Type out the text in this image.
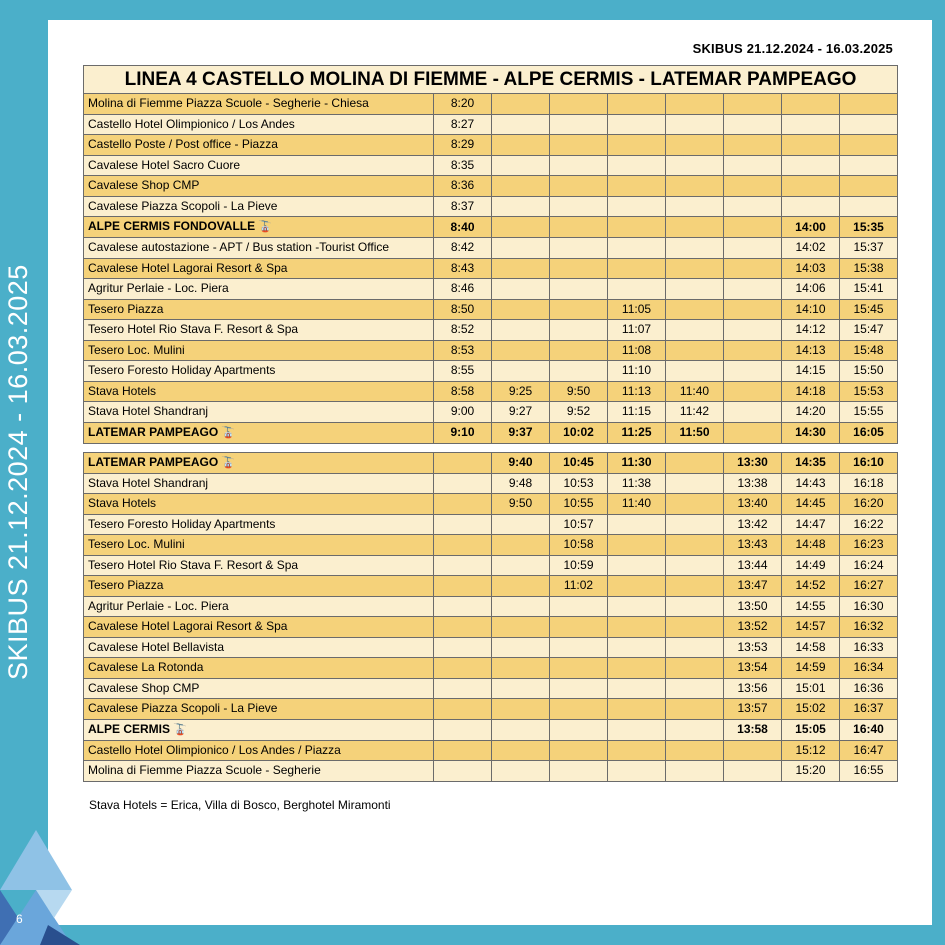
SKIBUS 21.12.2024 - 16.03.2025
6
SKIBUS 21.12.2024 - 16.03.2025
LINEA 4 CASTELLO MOLINA DI FIEMME - ALPE CERMIS - LATEMAR PAMPEAGO								
Molina di Fiemme Piazza Scuole - Segherie - Chiesa	8:20							
Castello Hotel Olimpionico / Los Andes	8:27							
Castello Poste / Post office - Piazza	8:29							
Cavalese Hotel Sacro Cuore	8:35							
Cavalese Shop CMP	8:36							
Cavalese Piazza Scopoli - La Pieve	8:37							
ALPE CERMIS FONDOVALLE 🚡	8:40						14:00	15:35
Cavalese autostazione - APT / Bus station -Tourist Office	8:42						14:02	15:37
Cavalese Hotel Lagorai Resort & Spa	8:43						14:03	15:38
Agritur Perlaie - Loc. Piera	8:46						14:06	15:41
Tesero Piazza	8:50			11:05			14:10	15:45
Tesero Hotel Rio Stava F. Resort & Spa	8:52			11:07			14:12	15:47
Tesero Loc. Mulini	8:53			11:08			14:13	15:48
Tesero Foresto Holiday Apartments	8:55			11:10			14:15	15:50
Stava Hotels	8:58	9:25	9:50	11:13	11:40		14:18	15:53
Stava Hotel Shandranj	9:00	9:27	9:52	11:15	11:42		14:20	15:55
LATEMAR PAMPEAGO 🚡	9:10	9:37	10:02	11:25	11:50		14:30	16:05

LATEMAR PAMPEAGO 🚡		9:40	10:45	11:30		13:30	14:35	16:10
Stava Hotel Shandranj		9:48	10:53	11:38		13:38	14:43	16:18
Stava Hotels		9:50	10:55	11:40		13:40	14:45	16:20
Tesero Foresto Holiday Apartments			10:57			13:42	14:47	16:22
Tesero Loc. Mulini			10:58			13:43	14:48	16:23
Tesero Hotel Rio Stava F. Resort & Spa			10:59			13:44	14:49	16:24
Tesero Piazza			11:02			13:47	14:52	16:27
Agritur Perlaie - Loc. Piera						13:50	14:55	16:30
Cavalese Hotel Lagorai Resort & Spa						13:52	14:57	16:32
Cavalese Hotel Bellavista						13:53	14:58	16:33
Cavalese La Rotonda						13:54	14:59	16:34
Cavalese Shop CMP						13:56	15:01	16:36
Cavalese Piazza Scopoli - La Pieve						13:57	15:02	16:37
ALPE CERMIS 🚡						13:58	15:05	16:40
Castello Hotel Olimpionico / Los Andes / Piazza							15:12	16:47
Molina di Fiemme Piazza Scuole - Segherie							15:20	16:55
Stava Hotels = Erica, Villa di Bosco, Berghotel Miramonti
